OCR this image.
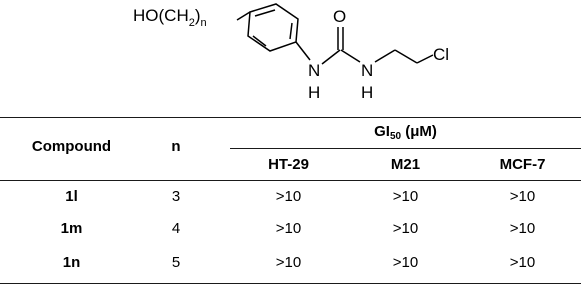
$HO(CH_2)_n$
N
H
O
N
H
Cl
Compound	n
$GI_{50}$ (μM)
HT-29	M21	MCF-7
1l	3	>10	>10	>10
1m	4	>10	>10	>10
1n	5	>10	>10	>10
